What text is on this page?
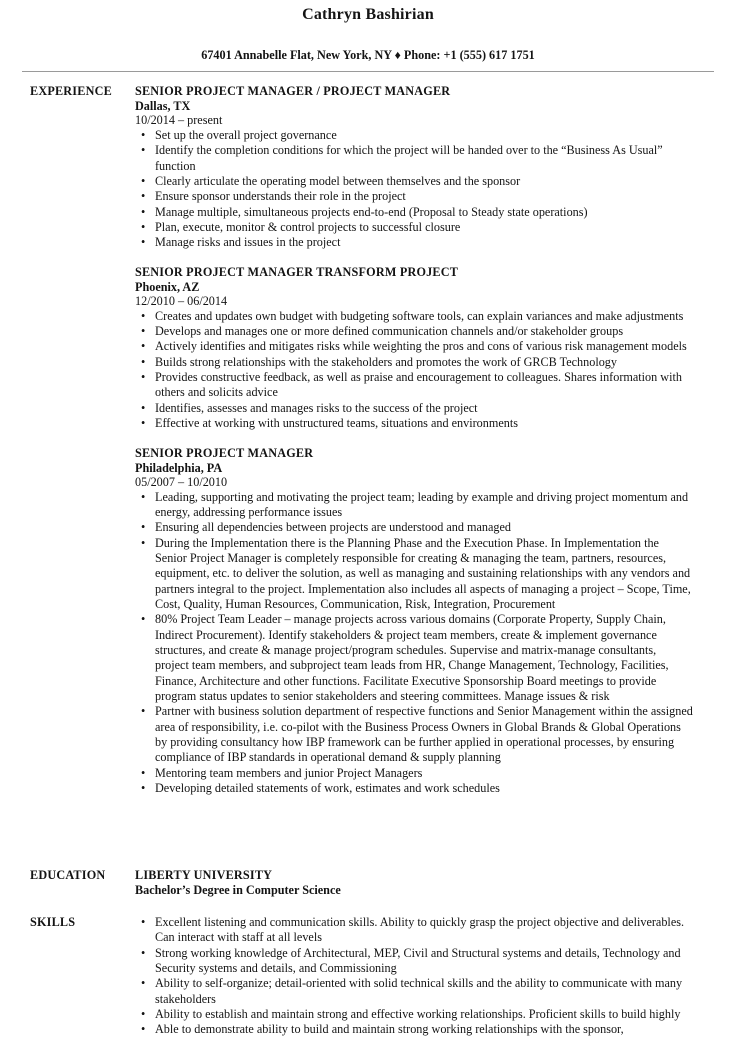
Cathryn Bashirian
67401 Annabelle Flat, New York, NY ♦ Phone: +1 (555) 617 1751
EXPERIENCE SENIOR PROJECT MANAGER / PROJECT MANAGER
Dallas, TX
10/2014 – present
• Set up the overall project governance
• Identify the completion conditions for which the project will be handed over to the “Business As Usual” function
• Clearly articulate the operating model between themselves and the sponsor
• Ensure sponsor understands their role in the project
• Manage multiple, simultaneous projects end-to-end (Proposal to Steady state operations)
• Plan, execute, monitor & control projects to successful closure
• Manage risks and issues in the project
SENIOR PROJECT MANAGER TRANSFORM PROJECT
Phoenix, AZ
12/2010 – 06/2014
• Creates and updates own budget with budgeting software tools, can explain variances and make adjustments
• Develops and manages one or more defined communication channels and/or stakeholder groups
• Actively identifies and mitigates risks while weighting the pros and cons of various risk management models
• Builds strong relationships with the stakeholders and promotes the work of GRCB Technology
• Provides constructive feedback, as well as praise and encouragement to colleagues. Shares information with others and solicits advice
• Identifies, assesses and manages risks to the success of the project
• Effective at working with unstructured teams, situations and environments
SENIOR PROJECT MANAGER
Philadelphia, PA
05/2007 – 10/2010
• Leading, supporting and motivating the project team; leading by example and driving project momentum and energy, addressing performance issues
• Ensuring all dependencies between projects are understood and managed
• During the Implementation there is the Planning Phase and the Execution Phase. In Implementation the Senior Project Manager is completely responsible for creating & managing the team, partners, resources, equipment, etc. to deliver the solution, as well as managing and sustaining relationships with any vendors and partners integral to the project. Implementation also includes all aspects of managing a project – Scope, Time, Cost, Quality, Human Resources, Communication, Risk, Integration, Procurement
• 80% Project Team Leader – manage projects across various domains (Corporate Property, Supply Chain, Indirect Procurement). Identify stakeholders & project team members, create & implement governance structures, and create & manage project/program schedules. Supervise and matrix-manage consultants, project team members, and subproject team leads from HR, Change Management, Technology, Facilities, Finance, Architecture and other functions. Facilitate Executive Sponsorship Board meetings to provide program status updates to senior stakeholders and steering committees. Manage issues & risk
• Partner with business solution department of respective functions and Senior Management within the assigned area of responsibility, i.e. co-pilot with the Business Process Owners in Global Brands & Global Operations by providing consultancy how IBP framework can be further applied in operational processes, by ensuring compliance of IBP standards in operational demand & supply planning
• Mentoring team members and junior Project Managers
• Developing detailed statements of work, estimates and work schedules
EDUCATION LIBERTY UNIVERSITY
Bachelor’s Degree in Computer Science
SKILLS
•	Excellent listening and communication skills. Ability to quickly grasp the project objective and deliverables. Can interact with staff at all levels
• Strong working knowledge of Architectural, MEP, Civil and Structural systems and details, Technology and Security systems and details, and Commissioning
• Ability to self-organize; detail-oriented with solid technical skills and the ability to communicate with many stakeholders
• Ability to establish and maintain strong and effective working relationships. Proficient skills to build highly
• Able to demonstrate ability to build and maintain strong working relationships with the sponsor,
